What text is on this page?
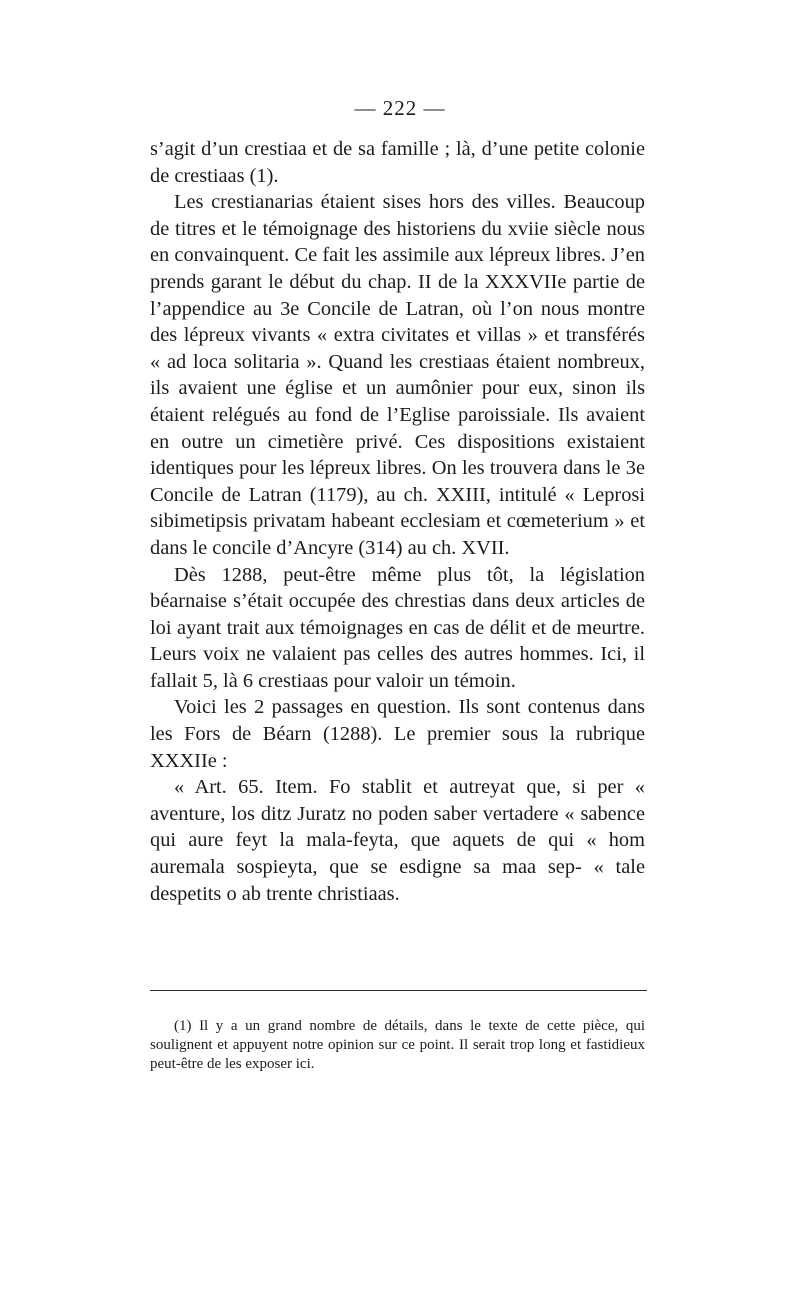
— 222 —

s’agit d’un crestiaa et de sa famille ; là, d’une petite colonie de crestiaas (1).

Les crestianarias étaient sises hors des villes. Beaucoup de titres et le témoignage des historiens du xviie siècle nous en convainquent. Ce fait les assimile aux lépreux libres. J’en prends garant le début du chap. II de la XXXVIIe partie de l’appendice au 3e Concile de Latran, où l’on nous montre des lépreux vivants « extra civitates et villas » et transférés « ad loca solitaria ». Quand les crestiaas étaient nombreux, ils avaient une église et un aumônier pour eux, sinon ils étaient relégués au fond de l’Eglise paroissiale. Ils avaient en outre un cimetière privé. Ces dispositions existaient identiques pour les lépreux libres. On les trouvera dans le 3e Concile de Latran (1179), au ch. XXIII, intitulé « Leprosi sibimetipsis privatam habeant ecclesiam et cœmeterium » et dans le concile d’Ancyre (314) au ch. XVII.

Dès 1288, peut-être même plus tôt, la législation béarnaise s’était occupée des chrestias dans deux articles de loi ayant trait aux témoignages en cas de délit et de meurtre. Leurs voix ne valaient pas celles des autres hommes. Ici, il fallait 5, là 6 crestiaas pour valoir un témoin.

Voici les 2 passages en question. Ils sont contenus dans les Fors de Béarn (1288). Le premier sous la rubrique XXXIIe :

« Art. 65. Item. Fo stablit et autreyat que, si per « aventure, los ditz Juratz no poden saber vertadere « sabence qui aure feyt la mala-feyta, que aquets de qui « hom auremala sospieyta, que se esdigne sa maa sep- « tale despetits o ab trente christiaas.

(1) Il y a un grand nombre de détails, dans le texte de cette pièce, qui soulignent et appuyent notre opinion sur ce point. Il serait trop long et fastidieux peut-être de les exposer ici.
